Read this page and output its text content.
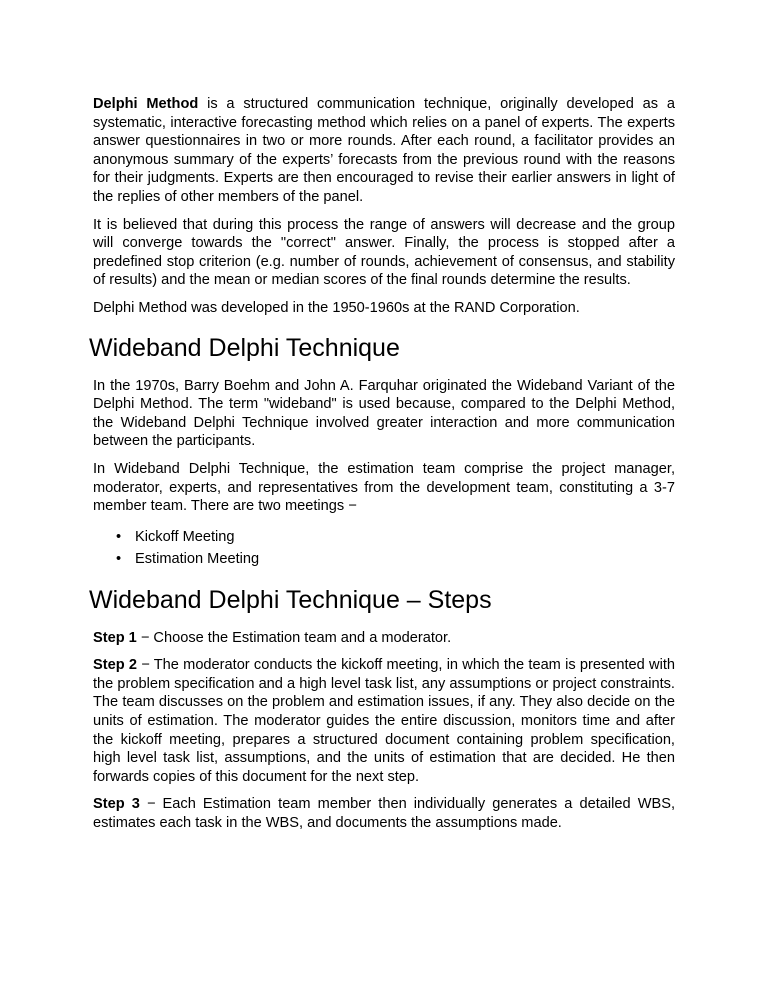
Delphi Method is a structured communication technique, originally developed as a systematic, interactive forecasting method which relies on a panel of experts. The experts answer questionnaires in two or more rounds. After each round, a facilitator provides an anonymous summary of the experts’ forecasts from the previous round with the reasons for their judgments. Experts are then encouraged to revise their earlier answers in light of the replies of other members of the panel.

It is believed that during this process the range of answers will decrease and the group will converge towards the "correct" answer. Finally, the process is stopped after a predefined stop criterion (e.g. number of rounds, achievement of consensus, and stability of results) and the mean or median scores of the final rounds determine the results.

Delphi Method was developed in the 1950-1960s at the RAND Corporation.

Wideband Delphi Technique

In the 1970s, Barry Boehm and John A. Farquhar originated the Wideband Variant of the Delphi Method. The term "wideband" is used because, compared to the Delphi Method, the Wideband Delphi Technique involved greater interaction and more communication between the participants.

In Wideband Delphi Technique, the estimation team comprise the project manager, moderator, experts, and representatives from the development team, constituting a 3-7 member team. There are two meetings −

• Kickoff Meeting
• Estimation Meeting
Wideband Delphi Technique – Steps

Step 1 − Choose the Estimation team and a moderator.

Step 2 − The moderator conducts the kickoff meeting, in which the team is presented with the problem specification and a high level task list, any assumptions or project constraints. The team discusses on the problem and estimation issues, if any. They also decide on the units of estimation. The moderator guides the entire discussion, monitors time and after the kickoff meeting, prepares a structured document containing problem specification, high level task list, assumptions, and the units of estimation that are decided. He then forwards copies of this document for the next step.

Step 3 − Each Estimation team member then individually generates a detailed WBS, estimates each task in the WBS, and documents the assumptions made.
